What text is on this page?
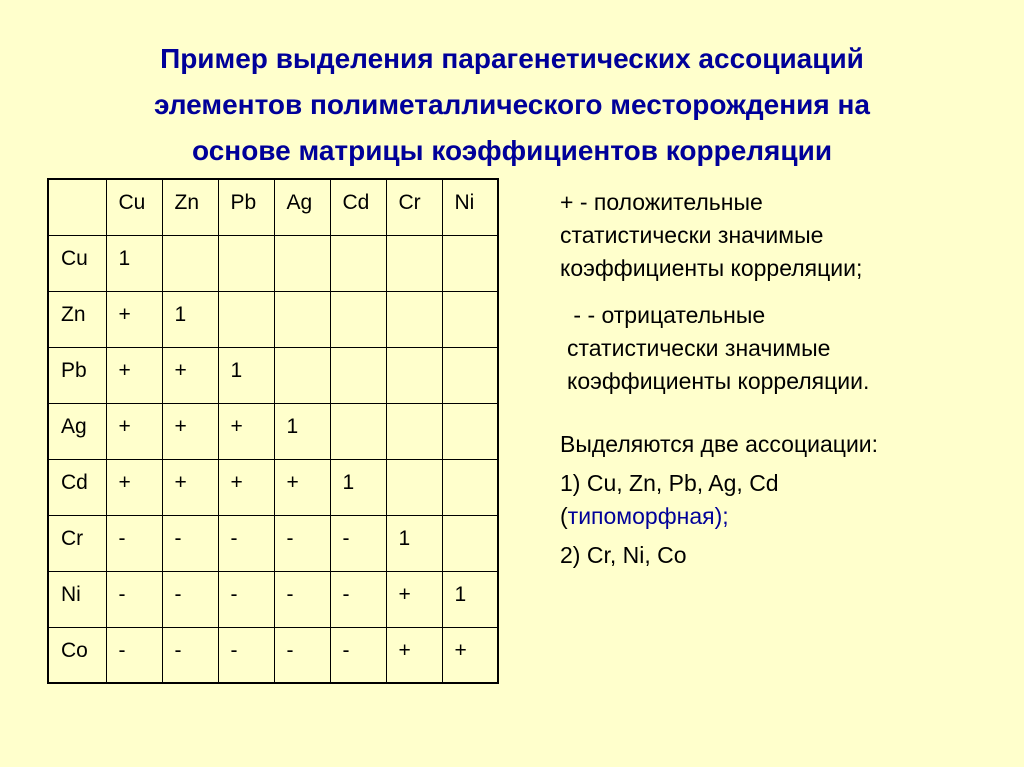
Пример выделения парагенетических ассоциаций
элементов полиметаллического месторождения на
основе матрицы коэффициентов корреляции
	Cu	Zn	Pb	Ag	Cd	Cr	Ni
Cu	1						
Zn	+	1					
Pb	+	+	1				
Ag	+	+	+	1			
Cd	+	+	+	+	1		
Cr	-	-	-	-	-	1	
Ni	-	-	-	-	-	+	1
Co	-	-	-	-	-	+	+
+ - положительные
статистически значимые
коэффициенты корреляции;
- - отрицательные
статистически значимые
коэффициенты корреляции.
Выделяются две ассоциации:
1) Cu, Zn, Pb, Ag, Cd
(типоморфная);
2) Cr, Ni, Co
